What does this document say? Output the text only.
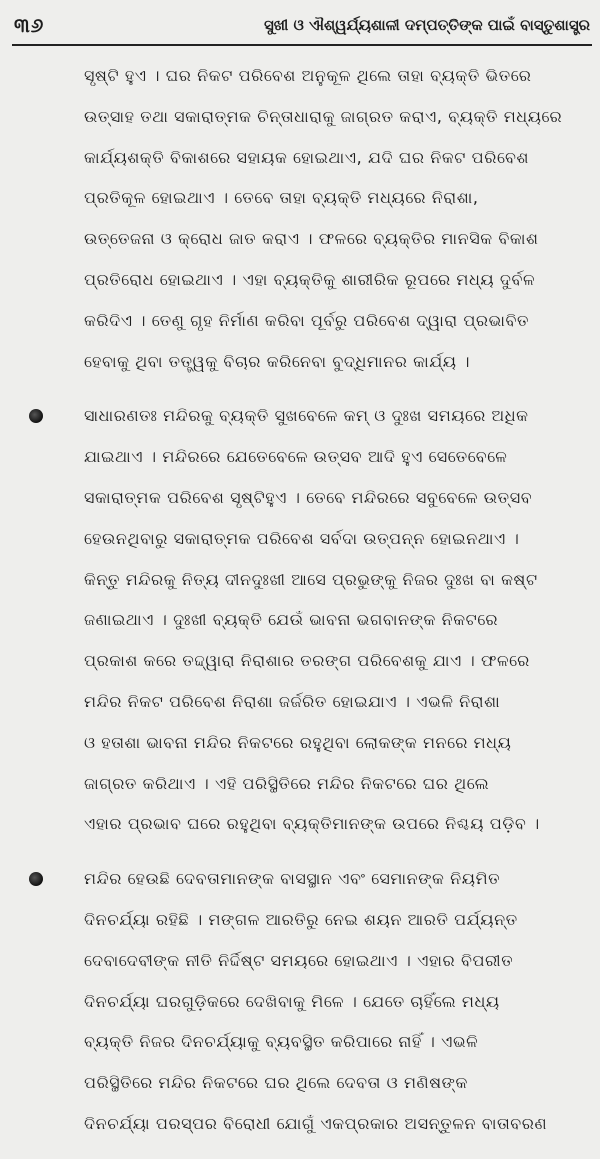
୩୬	ସୁଖୀ ଓ ଐଶ୍ୱର୍ଯ୍ୟଶାଳୀ ଦମ୍ପତ୍ତିଙ୍କ ପାଇଁ ବାସ୍ତୁଶାସ୍ତ୍ର
ସୃଷ୍ଟି ହୁଏ । ଘର ନିକଟ ପରିବେଶ ଅନୁକୂଳ ଥିଲେ ତାହା ବ୍ୟକ୍ତି ଭିତରେ
ଉତ୍ସାହ ତଥା ସକାରାତ୍ମକ ଚିନ୍ତାଧାରାକୁ ଜାଗ୍ରତ କରାଏ, ବ୍ୟକ୍ତି ମଧ୍ୟରେ
କାର୍ଯ୍ୟଶକ୍ତି ବିକାଶରେ ସହାୟକ ହୋଇଥାଏ, ଯଦି ଘର ନିକଟ ପରିବେଶ
ପ୍ରତିକୂଳ ହୋଇଥାଏ । ତେବେ ତାହା ବ୍ୟକ୍ତି ମଧ୍ୟରେ ନିରାଶା,
ଉତ୍ତେଜନା ଓ କ୍ରୋଧ ଜାତ କରାଏ । ଫଳରେ ବ୍ୟକ୍ତିର ମାନସିକ ବିକାଶ
ପ୍ରତିରୋଧ ହୋଇଥାଏ । ଏହା ବ୍ୟକ୍ତିକୁ ଶାରୀରିକ ରୂପରେ ମଧ୍ୟ ଦୁର୍ବଳ
କରିଦିଏ । ତେଣୁ ଗୃହ ନିର୍ମାଣ କରିବା ପୂର୍ବରୁ ପରିବେଶ ଦ୍ୱାରା ପ୍ରଭାବିତ
ହେବାକୁ ଥିବା ତତ୍ତ୍ୱକୁ ବିଚାର କରିନେବା ବୁଦ୍ଧିମାନର କାର୍ଯ୍ୟ ।
ସାଧାରଣତଃ ମନ୍ଦିରକୁ ବ୍ୟକ୍ତି ସୁଖବେଳେ କମ୍ ଓ ଦୁଃଖ ସମୟରେ ଅଧିକ
ଯାଇଥାଏ । ମନ୍ଦିରରେ ଯେତେବେଳେ ଉତ୍ସବ ଆଦି ହୁଏ ସେତେବେଳେ
ସକାରାତ୍ମକ ପରିବେଶ ସୃଷ୍ଟିହୁଏ । ତେବେ ମନ୍ଦିରରେ ସବୁବେଳେ ଉତ୍ସବ
ହେଉନଥିବାରୁ ସକାରାତ୍ମକ ପରିବେଶ ସର୍ବଦା ଉତ୍ପନ୍ନ ହୋଇନଥାଏ ।
କିନ୍ତୁ ମନ୍ଦିରକୁ ନିତ୍ୟ ଦୀନଦୁଃଖୀ ଆସେ ପ୍ରଭୁଙ୍କୁ ନିଜର ଦୁଃଖ ବା କଷ୍ଟ
ଜଣାଇଥାଏ । ଦୁଃଖୀ ବ୍ୟକ୍ତି ଯେଉଁ ଭାବନା ଭଗବାନଙ୍କ ନିକଟରେ
ପ୍ରକାଶ କରେ ତଦ୍ଦ୍ୱାରା ନିରାଶାର ତରଙ୍ଗ ପରିବେଶକୁ ଯାଏ । ଫଳରେ
ମନ୍ଦିର ନିକଟ ପରିବେଶ ନିରାଶା ଜର୍ଜରିତ ହୋଇଯାଏ । ଏଭଳି ନିରାଶା
ଓ ହତାଶା ଭାବନା ମନ୍ଦିର ନିକଟରେ ରହୁଥିବା ଲୋକଙ୍କ ମନରେ ମଧ୍ୟ
ଜାଗ୍ରତ କରିଥାଏ । ଏହି ପରିସ୍ଥିତିରେ ମନ୍ଦିର ନିକଟରେ ଘର ଥିଲେ
ଏହାର ପ୍ରଭାବ ଘରେ ରହୁଥିବା ବ୍ୟକ୍ତିମାନଙ୍କ ଉପରେ ନିଶ୍ଚୟ ପଡ଼ିବ ।
ମନ୍ଦିର ହେଉଛି ଦେବତାମାନଙ୍କ ବାସସ୍ଥାନ ଏବଂ ସେମାନଙ୍କ ନିୟମିତ
ଦିନଚର୍ଯ୍ୟା ରହିଛି । ମଙ୍ଗଳ ଆରତିରୁ ନେଇ ଶୟନ ଆରତି ପର୍ଯ୍ୟନ୍ତ
ଦେବାଦେବୀଙ୍କ ନୀତି ନିର୍ଦ୍ଦିଷ୍ଟ ସମୟରେ ହୋଇଥାଏ । ଏହାର ବିପରୀତ
ଦିନଚର୍ଯ୍ୟା ଘରଗୁଡ଼ିକରେ ଦେଖିବାକୁ ମିଳେ । ଯେତେ ଚାହିଁଲେ ମଧ୍ୟ
ବ୍ୟକ୍ତି ନିଜର ଦିନଚର୍ଯ୍ୟାକୁ ବ୍ୟବସ୍ଥିତ କରିପାରେ ନାହିଁ । ଏଭଳି
ପରିସ୍ଥିତିରେ ମନ୍ଦିର ନିକଟରେ ଘର ଥିଲେ ଦେବତା ଓ ମଣିଷଙ୍କ
ଦିନଚର୍ଯ୍ୟା ପରସ୍ପର ବିରୋଧୀ ଯୋଗୁଁ ଏକପ୍ରକାର ଅସନ୍ତୁଳନ ବାତାବରଣ
